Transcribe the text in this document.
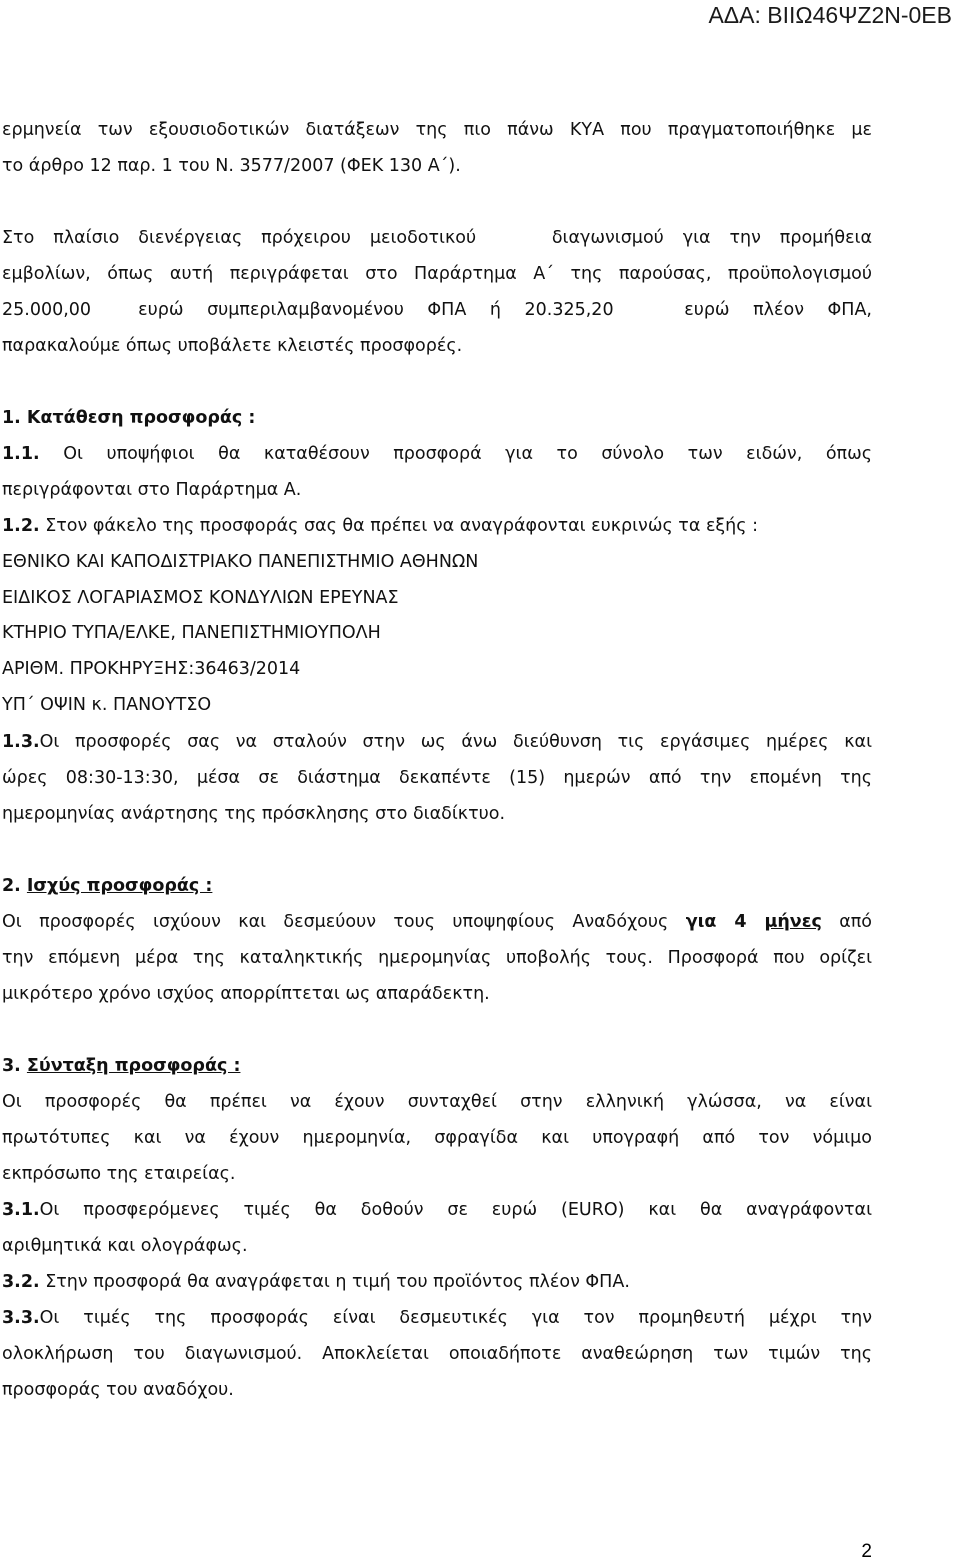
ΑΔΑ: ΒΙΙΩ46ΨΖ2Ν-0ΕΒ

ερμηνεία των εξουσιοδοτικών διατάξεων της πιο πάνω ΚΥΑ που πραγματοποιήθηκε με

το άρθρο 12 παρ. 1 του Ν. 3577/2007 (ΦΕΚ 130 Α΄).

Στο πλαίσιο διενέργειας πρόχειρου μειοδοτικού    διαγωνισμού για την προμήθεια

εμβολίων, όπως αυτή περιγράφεται στο Παράρτημα Α΄ της παρούσας, προϋπολογισμού

25.000,00  ευρώ συμπεριλαμβανομένου ΦΠΑ ή 20.325,20   ευρώ πλέον ΦΠΑ,

παρακαλούμε όπως υποβάλετε κλειστές προσφορές.

1. Κατάθεση προσφοράς :

1.1. Οι υποψήφιοι θα καταθέσουν προσφορά για το σύνολο των ειδών, όπως

περιγράφονται στο Παράρτημα Α.

1.2. Στον φάκελο της προσφοράς σας θα πρέπει να αναγράφονται ευκρινώς τα εξής :

ΕΘΝΙΚΟ ΚΑΙ ΚΑΠΟΔΙΣΤΡΙΑΚΟ ΠΑΝΕΠΙΣΤΗΜΙΟ ΑΘΗΝΩΝ

ΕΙΔΙΚΟΣ ΛΟΓΑΡΙΑΣΜΟΣ ΚΟΝΔΥΛΙΩΝ ΕΡΕΥΝΑΣ

ΚΤΗΡΙΟ ΤΥΠΑ/ΕΛΚΕ, ΠΑΝΕΠΙΣΤΗΜΙΟΥΠΟΛΗ

ΑΡΙΘΜ. ΠΡΟΚΗΡΥΞΗΣ:36463/2014

ΥΠ΄ ΟΨΙΝ κ. ΠΑΝΟΥΤΣΟ

1.3.Οι προσφορές σας να σταλούν στην ως άνω διεύθυνση τις εργάσιμες ημέρες και

ώρες 08:30-13:30, μέσα σε διάστημα δεκαπέντε (15) ημερών από την επομένη της

ημερομηνίας ανάρτησης της πρόσκλησης στο διαδίκτυο.

2. Ισχύς προσφοράς :

Οι προσφορές ισχύουν και δεσμεύουν τους υποψηφίους Αναδόχους για 4 μήνες από

την επόμενη μέρα της καταληκτικής ημερομηνίας υποβολής τους. Προσφορά που ορίζει

μικρότερο χρόνο ισχύος απορρίπτεται ως απαράδεκτη.

3. Σύνταξη προσφοράς :

Οι προσφορές θα πρέπει να έχουν συνταχθεί στην ελληνική γλώσσα, να είναι

πρωτότυπες και να έχουν ημερομηνία, σφραγίδα και υπογραφή από τον νόμιμο

εκπρόσωπο της εταιρείας.

3.1.Οι προσφερόμενες τιμές θα δοθούν σε ευρώ (EURO) και θα αναγράφονται

αριθμητικά και ολογράφως.

3.2. Στην προσφορά θα αναγράφεται η τιμή του προϊόντος πλέον ΦΠΑ.

3.3.Οι τιμές της προσφοράς είναι δεσμευτικές για τον προμηθευτή μέχρι την

ολοκλήρωση του διαγωνισμού. Αποκλείεται οποιαδήποτε αναθεώρηση των τιμών της

προσφοράς του αναδόχου.

2
